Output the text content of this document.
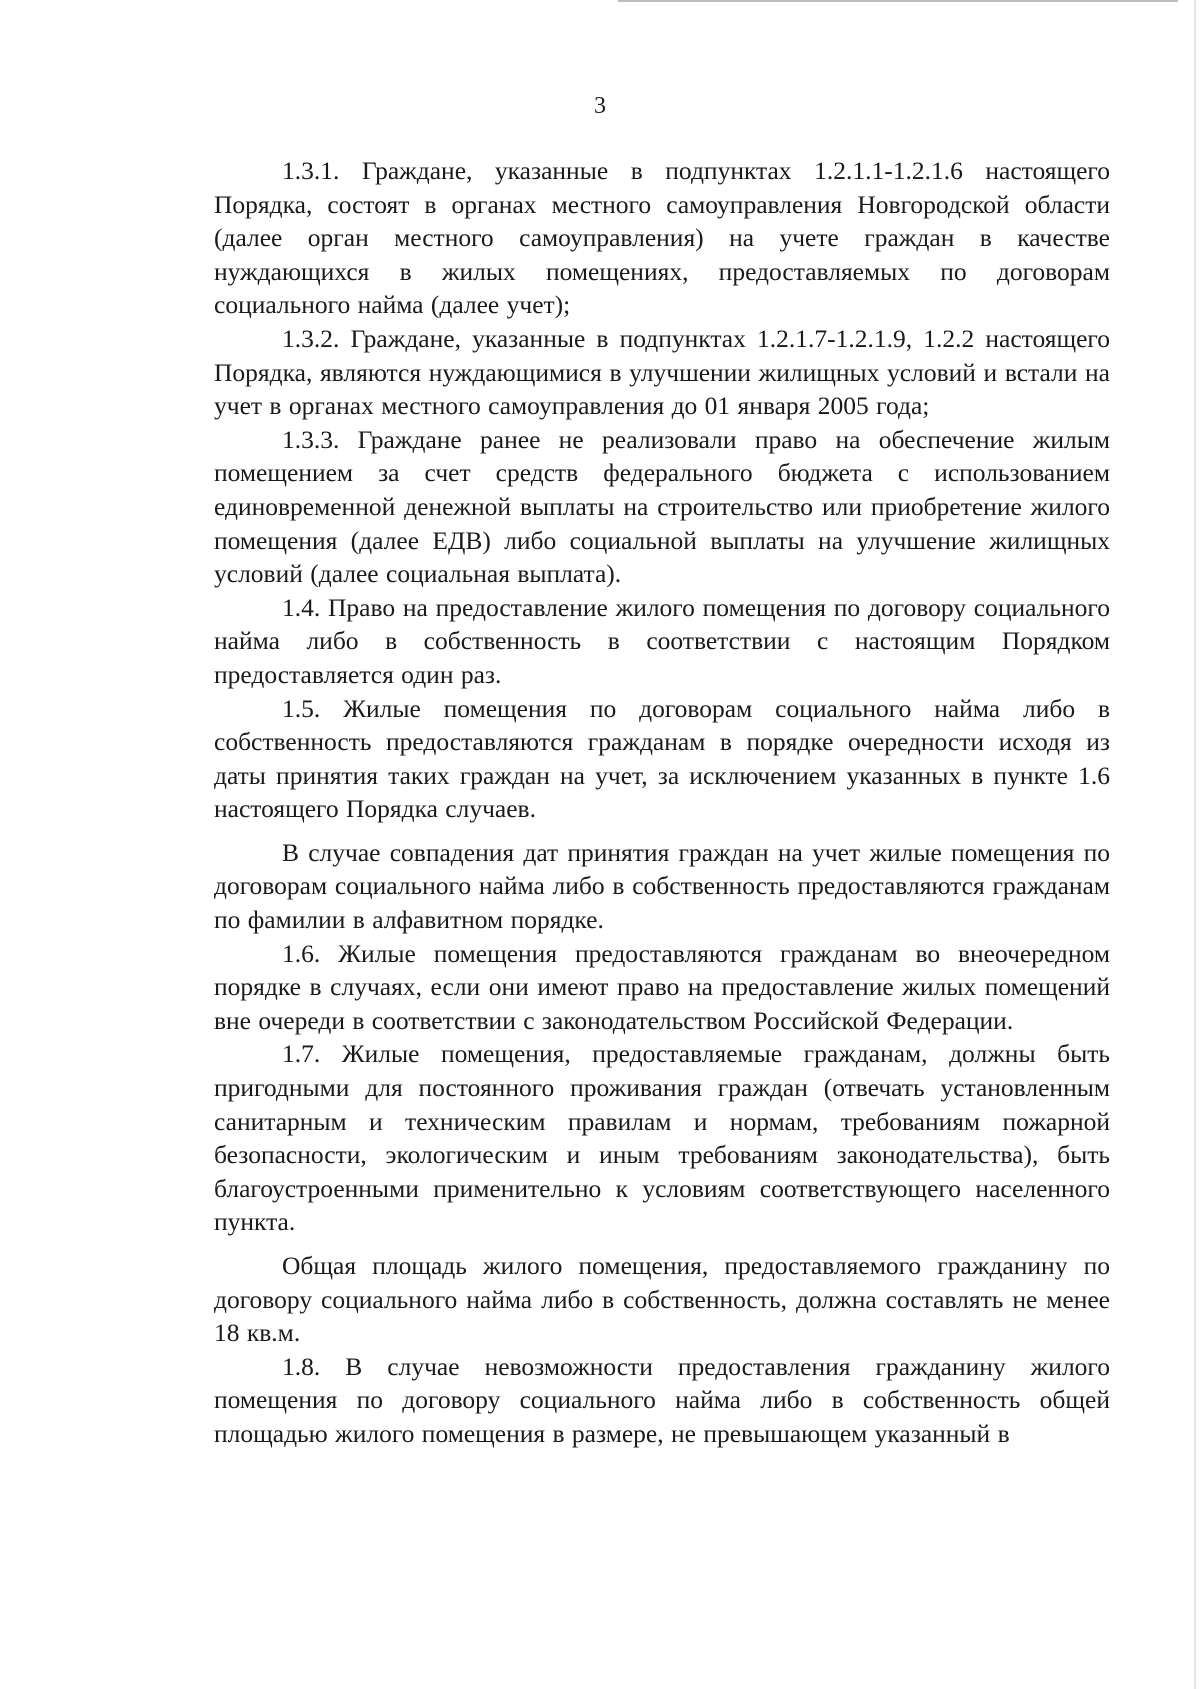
3

1.3.1. Граждане, указанные в подпунктах 1.2.1.1-1.2.1.6 настоящего Порядка, состоят в органах местного самоуправления Новгородской области (далее орган местного самоуправления) на учете граждан в качестве нуждающихся в жилых помещениях, предоставляемых по договорам социального найма (далее учет);

1.3.2. Граждане, указанные в подпунктах 1.2.1.7-1.2.1.9, 1.2.2 настоящего Порядка, являются нуждающимися в улучшении жилищных условий и встали на учет в органах местного самоуправления до 01 января 2005 года;

1.3.3. Граждане ранее не реализовали право на обеспечение жилым помещением за счет средств федерального бюджета с использованием единовременной денежной выплаты на строительство или приобретение жилого помещения (далее ЕДВ) либо социальной выплаты на улучшение жилищных условий (далее социальная выплата).

1.4. Право на предоставление жилого помещения по договору социального найма либо в собственность в соответствии с настоящим Порядком предоставляется один раз.

1.5. Жилые помещения по договорам социального найма либо в собственность предоставляются гражданам в порядке очередности исходя из даты принятия таких граждан на учет, за исключением указанных в пункте 1.6 настоящего Порядка случаев.

В случае совпадения дат принятия граждан на учет жилые помещения по договорам социального найма либо в собственность предоставляются гражданам по фамилии в алфавитном порядке.

1.6. Жилые помещения предоставляются гражданам во внеочередном порядке в случаях, если они имеют право на предоставление жилых помещений вне очереди в соответствии с законодательством Российской Федерации.

1.7. Жилые помещения, предоставляемые гражданам, должны быть пригодными для постоянного проживания граждан (отвечать установленным санитарным и техническим правилам и нормам, требованиям пожарной безопасности, экологическим и иным требованиям законодательства), быть благоустроенными применительно к условиям соответствующего населенного пункта.

Общая площадь жилого помещения, предоставляемого гражданину по договору социального найма либо в собственность, должна составлять не менее 18 кв.м.

1.8. В случае невозможности предоставления гражданину жилого помещения по договору социального найма либо в собственность общей площадью жилого помещения в размере, не превышающем указанный в
